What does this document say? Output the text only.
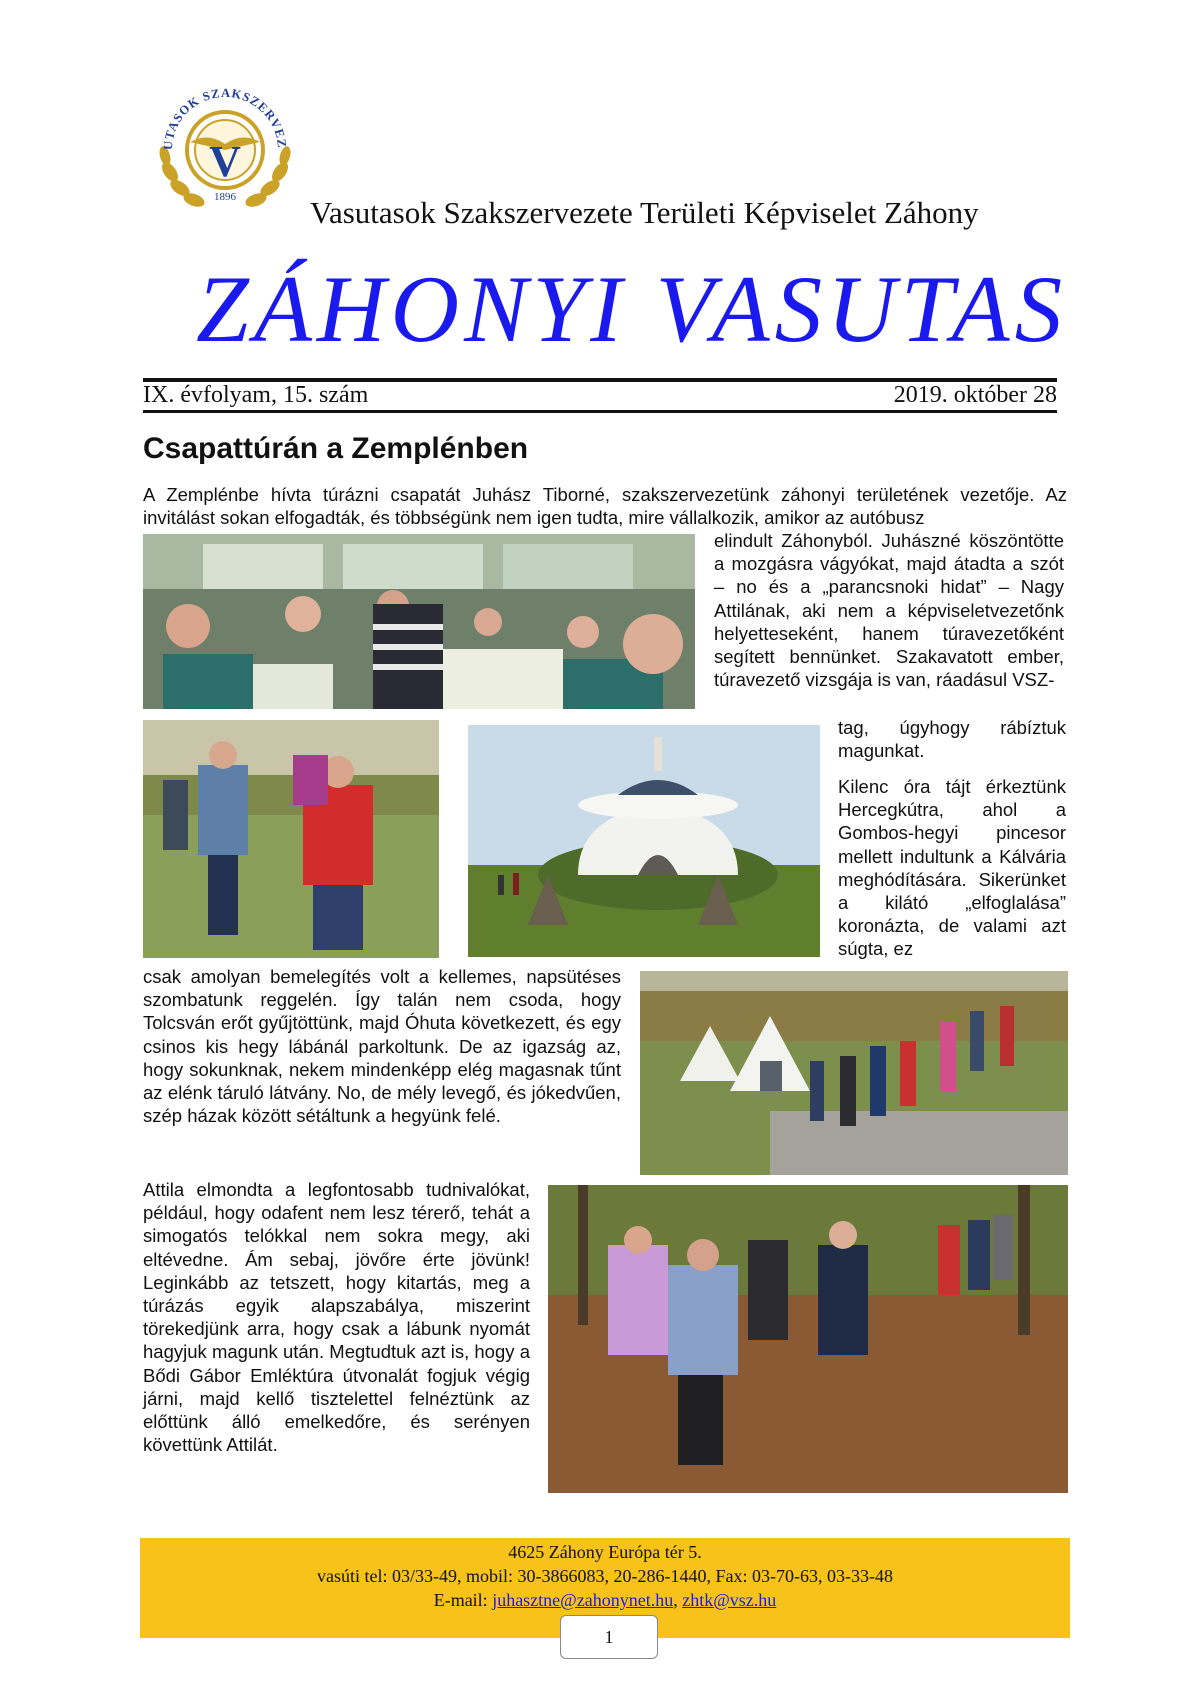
V
UTASOK SZAKSZERVEZ
1896 Vasutasok Szakszervezete Területi Képviselet Záhony
ZÁHONYI VASUTAS
IX. évfolyam, 15. szám	2019. október 28
Csapattúrán a Zemplénben

A Zemplénbe hívta túrázni csapatát Juhász Tiborné, szakszervezetünk záhonyi területének vezetője. Az invitálást sokan elfogadták, és többségünk nem igen tudta, mire vállalkozik, amikor az autóbusz

elindult Záhonyból. Juhászné köszöntötte a mozgásra vágyókat, majd átadta a szót – no és a „parancsnoki hidat” – Nagy Attilának, aki nem a képviseletvezetőnk helyetteseként, hanem túravezetőként segített bennünket. Szakavatott ember, túravezető vizsgája is van, ráadásul VSZ-

tag, úgyhogy rábíztuk magunkat.

Kilenc óra tájt érkeztünk Hercegkútra, ahol a Gombos-hegyi pincesor mellett indultunk a Kálvária meghódítására. Sikerünket a kilátó „elfoglalása” koronázta, de valami azt súgta, ez

csak amolyan bemelegítés volt a kellemes, napsütéses szombatunk reggelén. Így talán nem csoda, hogy Tolcsván erőt gyűjtöttünk, majd Óhuta következett, és egy csinos kis hegy lábánál parkoltunk. De az igazság az, hogy sokunknak, nekem mindenképp elég magasnak tűnt az elénk táruló látvány. No, de mély levegő, és jókedvűen, szép házak között sétáltunk a hegyünk felé.

Attila elmondta a legfontosabb tudnivalókat, például, hogy odafent nem lesz térerő, tehát a simogatós telókkal nem sokra megy, aki eltévedne. Ám sebaj, jövőre érte jövünk! Leginkább az tetszett, hogy kitartás, meg a túrázás egyik alapszabálya, miszerint törekedjünk arra, hogy csak a lábunk nyomát hagyjuk magunk után. Megtudtuk azt is, hogy a Bődi Gábor Emléktúra útvonalát fogjuk végig járni, majd kellő tisztelettel felnéztünk az előttünk álló emelkedőre, és serényen követtünk Attilát.

4625 Záhony Európa tér 5.
vasúti tel: 03/33-49, mobil: 30-3866083, 20-286-1440, Fax: 03-70-63, 03-33-48
E-mail: juhasztne@zahonynet.hu, zhtk@vsz.hu
1
